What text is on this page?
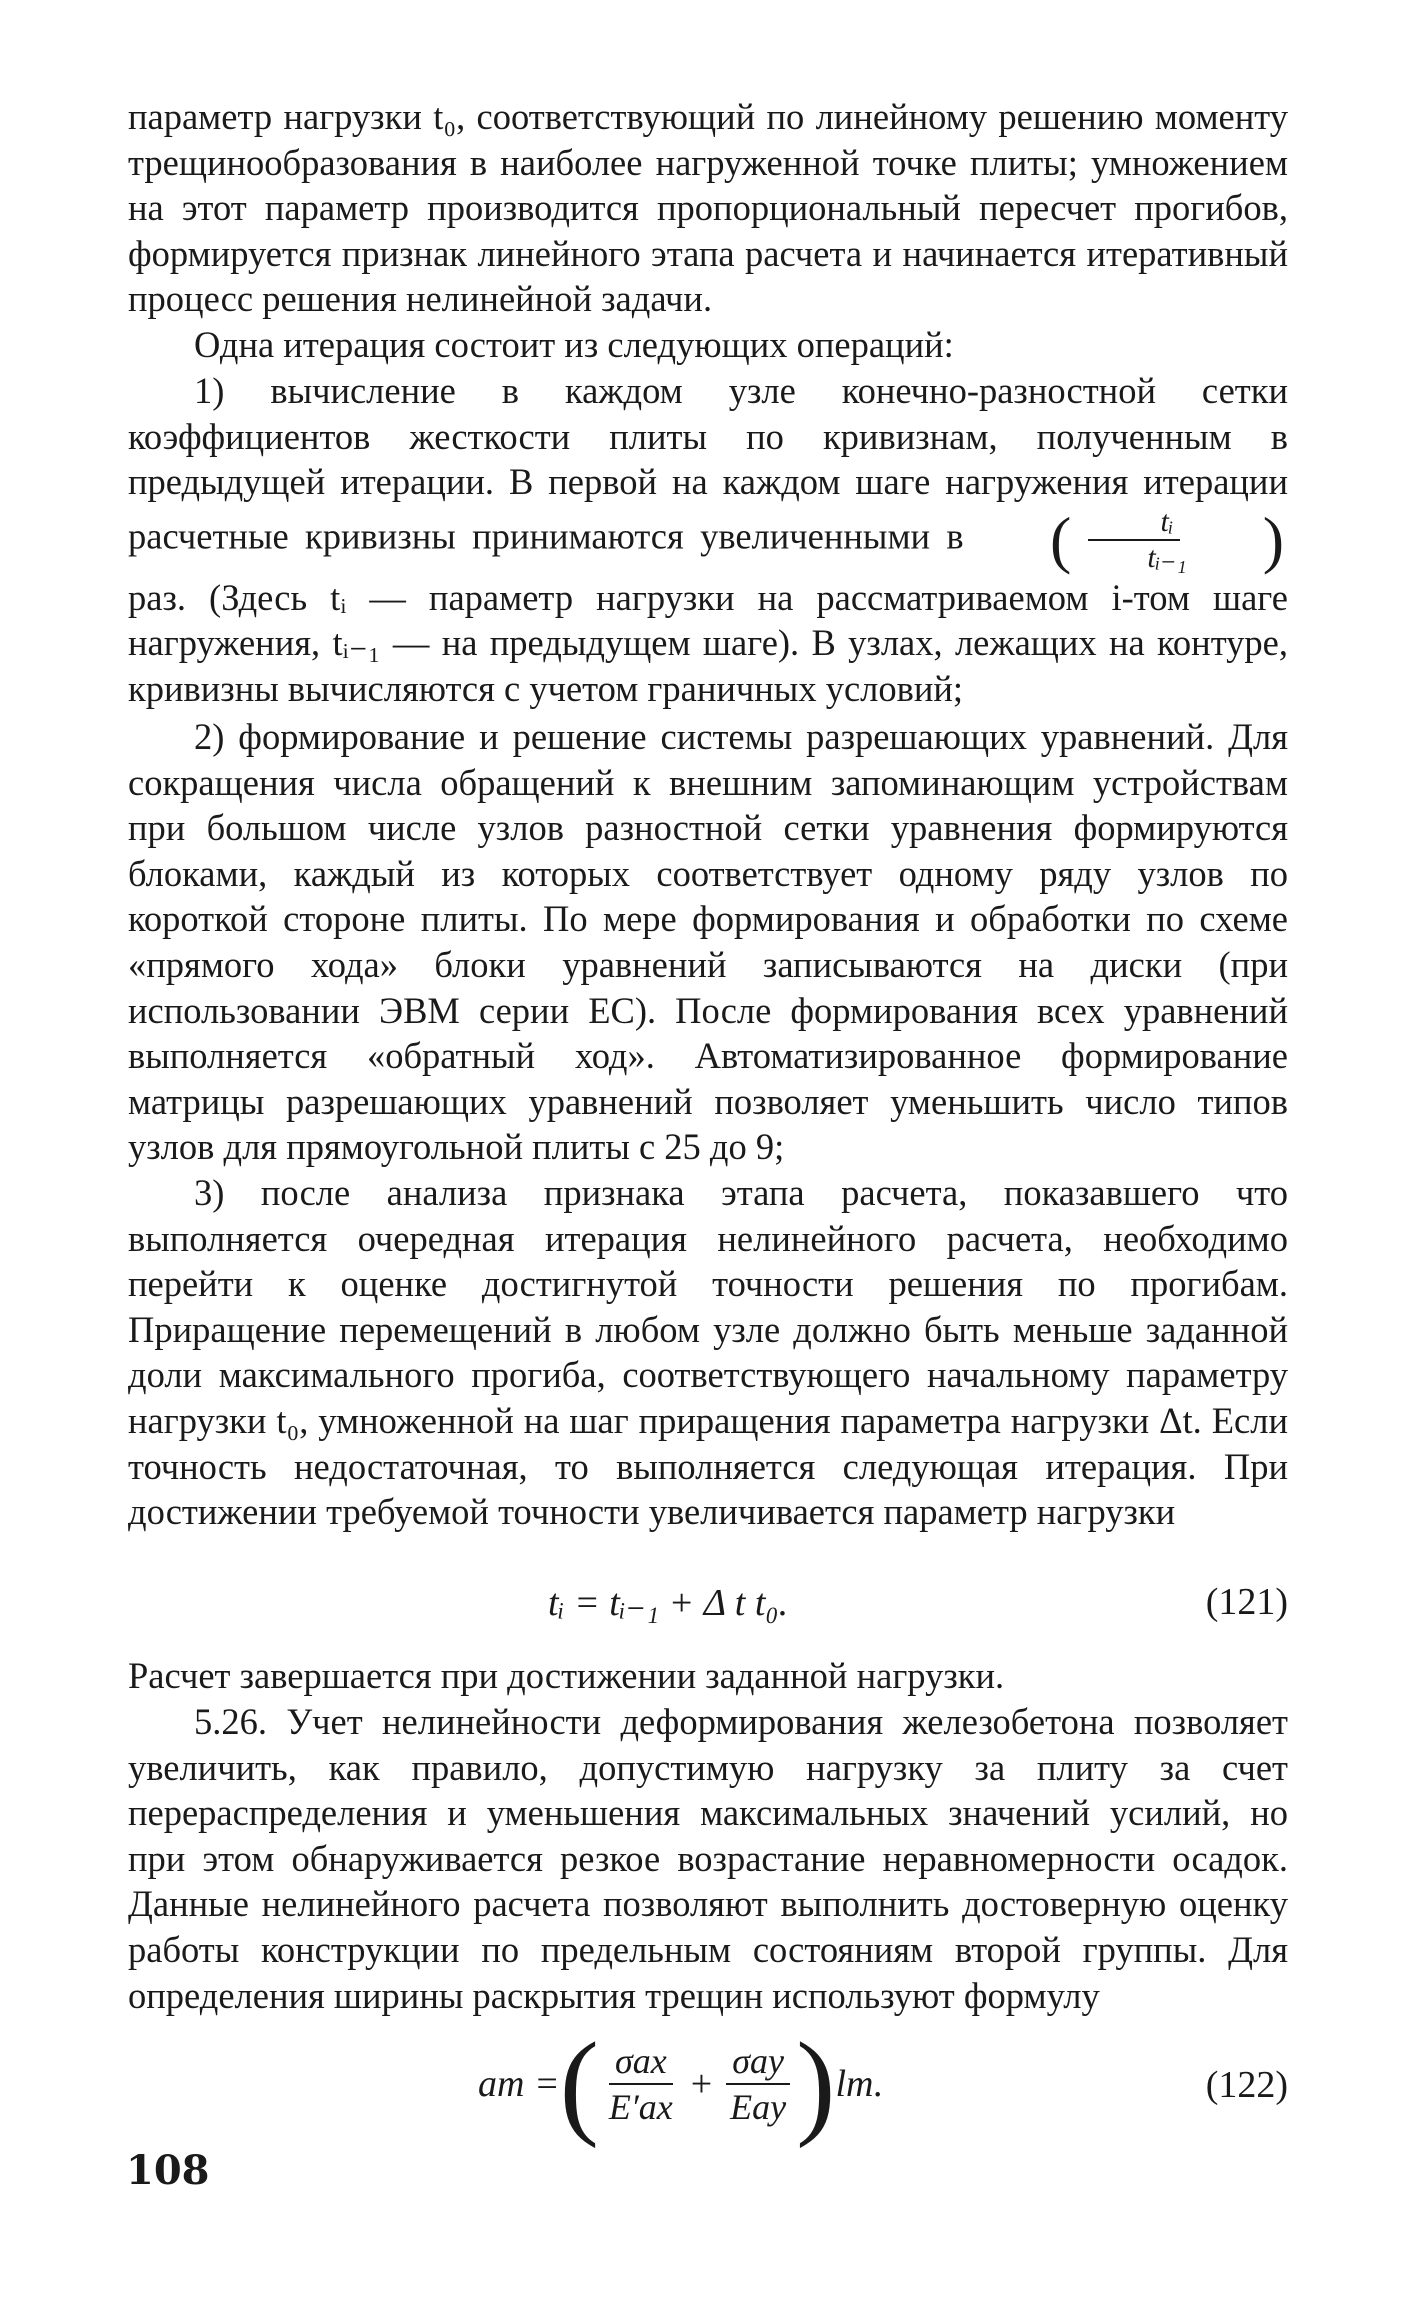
параметр нагрузки t₀, соответствующий по линейному решению моменту трещинообразования в наиболее нагруженной точке плиты; умножением на этот параметр производится пропорциональный пересчет прогибов, формируется признак линейного этапа расчета и начинается итеративный процесс решения нелинейной задачи.

Одна итерация состоит из следующих операций:

1) вычисление в каждом узле конечно-разностной сетки коэффициентов жесткости плиты по кривизнам, полученным в предыдущей итерации. В первой на каждом шаге нагружения итерации расчетные кривизны принимаются увеличенными в	( $\frac{\text{tᵢ}}{\text{tᵢ₋₁}}$	)
раз. (Здесь tᵢ — параметр нагрузки на рассматриваемом i-том шаге нагружения, tᵢ₋₁ — на предыдущем шаге). В узлах, лежащих на контуре, кривизны вычисляются с учетом граничных условий;

2) формирование и решение системы разрешающих уравнений. Для сокращения числа обращений к внешним запоминающим устройствам при большом числе узлов разностной сетки уравнения формируются блоками, каждый из которых соответствует одному ряду узлов по короткой стороне плиты. По мере формирования и обработки по схеме «прямого хода» блоки уравнений записываются на диски (при использовании ЭВМ серии ЕС). После формирования всех уравнений выполняется «обратный ход». Автоматизированное формирование матрицы разрешающих уравнений позволяет уменьшить число типов узлов для прямоугольной плиты с 25 до 9;

3) после анализа признака этапа расчета, показавшего что выполняется очередная итерация нелинейного расчета, необходимо перейти к оценке достигнутой точности решения по прогибам. Приращение перемещений в любом узле должно быть меньше заданной доли максимального прогиба, соответствующего начальному параметру нагрузки t₀, умноженной на шаг приращения параметра нагрузки Δt. Если точность недостаточная, то выполняется следующая итерация. При достижении требуемой точности увеличивается параметр нагрузки

tᵢ = tᵢ₋₁ + Δ t t₀.	(121)

Расчет завершается при достижении заданной нагрузки.

5.26. Учет нелинейности деформирования железобетона позволяет увеличить, как правило, допустимую нагрузку за плиту за счет перераспределения и уменьшения максимальных значений усилий, но при этом обнаруживается резкое возрастание неравномерности осадок. Данные нелинейного расчета позволяют выполнить достоверную оценку работы конструкции по предельным состояниям второй группы. Для определения ширины раскрытия трещин используют формулу

aт = ( $\frac{\text{σax}}{E'ax} + \frac{\text{σay}}{\text{Eay}}$ ) lт.	(122)
108
